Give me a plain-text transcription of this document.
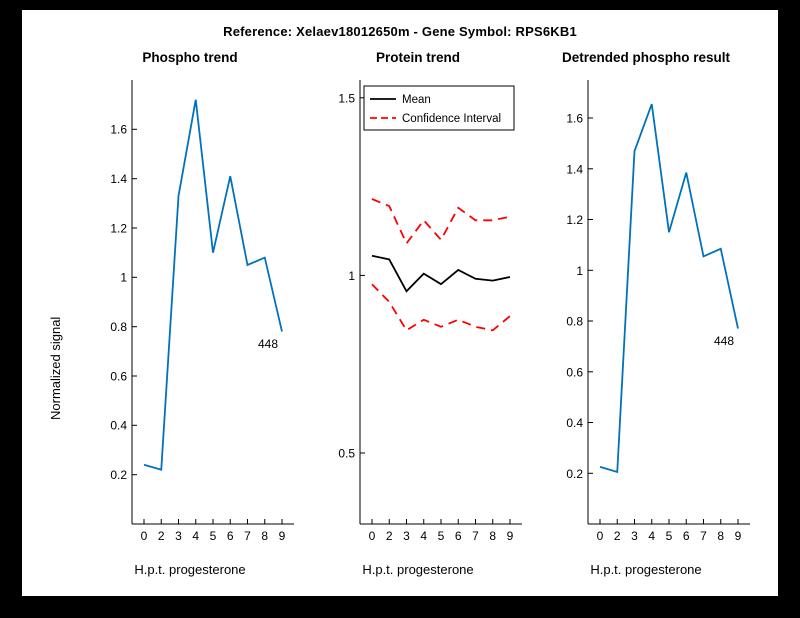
Reference: Xelaev18012650m - Gene Symbol: RPS6KB1
Normalized signal
Phospho trend
0.2
0.4
0.6
0.8
1
1.2
1.4
1.6
0 2 3 4 5 6 7 8 9
448
H.p.t. progesterone
Protein trend
0.5
1
1.5
0 2 3 4 5 6 7 8 9
Mean
Confidence Interval
H.p.t. progesterone
Detrended phospho result
0.2
0.4
0.6
0.8
1
1.2
1.4
1.6
0 2 3 4 5 6 7 8 9
448
H.p.t. progesterone
